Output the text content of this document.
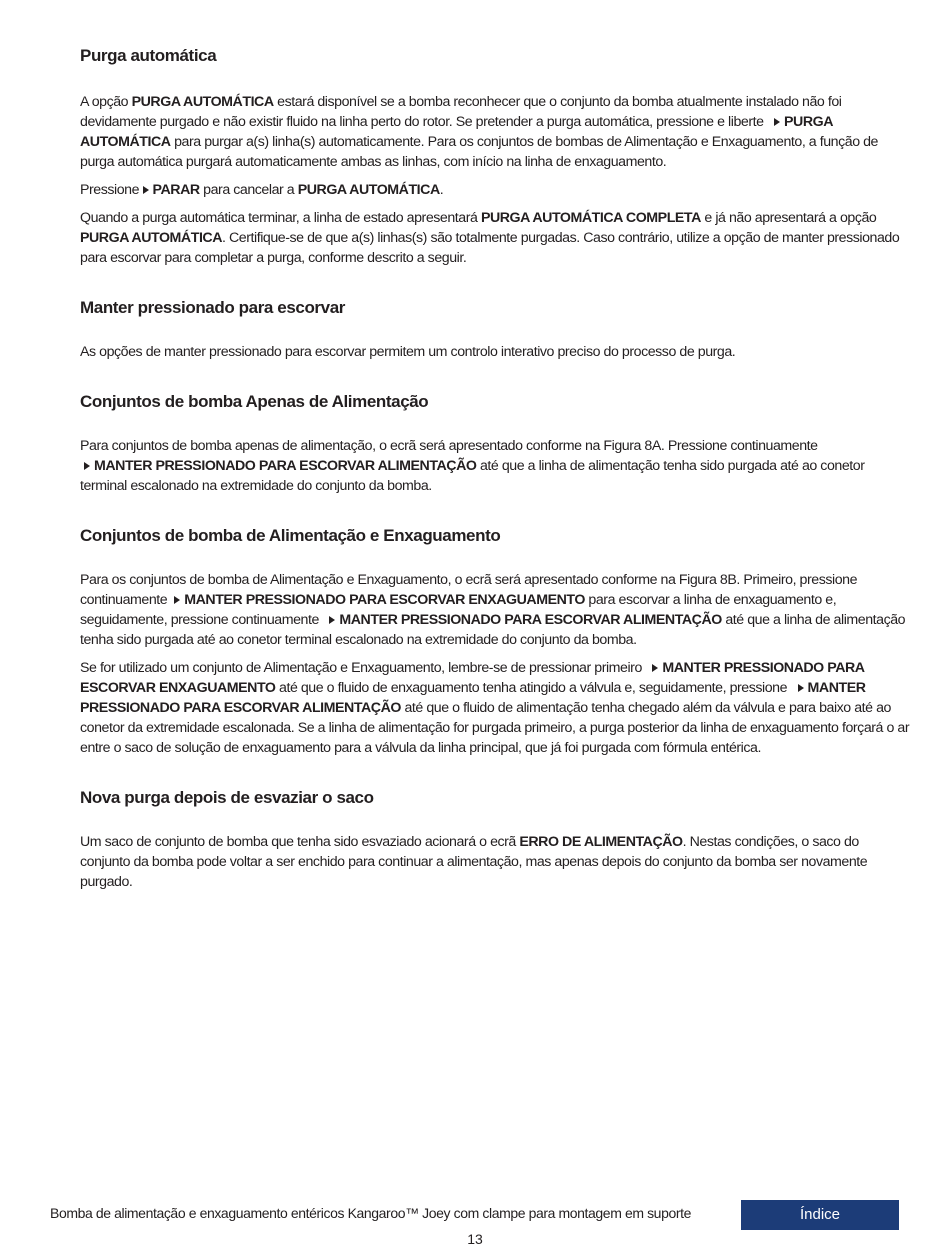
Purga automática

A opção PURGA AUTOMÁTICA estará disponível se a bomba reconhecer que o conjunto da bomba atualmente instalado não foi devidamente purgado e não existir fluido na linha perto do rotor. Se pretender a purga automática, pressione e liberte PURGA AUTOMÁTICA para purgar a(s) linha(s) automaticamente. Para os conjuntos de bombas de Alimentação e Enxaguamento, a função de purga automática purgará automaticamente ambas as linhas, com início na linha de enxaguamento.

Pressione PARAR para cancelar a PURGA AUTOMÁTICA.

Quando a purga automática terminar, a linha de estado apresentará PURGA AUTOMÁTICA COMPLETA e já não apresentará a opção PURGA AUTOMÁTICA. Certifique-se de que a(s) linhas(s) são totalmente purgadas. Caso contrário, utilize a opção de manter pressionado para escorvar para completar a purga, conforme descrito a seguir.

Manter pressionado para escorvar

As opções de manter pressionado para escorvar permitem um controlo interativo preciso do processo de purga.

Conjuntos de bomba Apenas de Alimentação

Para conjuntos de bomba apenas de alimentação, o ecrã será apresentado conforme na Figura 8A. Pressione continuamente
MANTER PRESSIONADO PARA ESCORVAR ALIMENTAÇÃO até que a linha de alimentação tenha sido purgada até ao conetor terminal escalonado na extremidade do conjunto da bomba.

Conjuntos de bomba de Alimentação e Enxaguamento

Para os conjuntos de bomba de Alimentação e Enxaguamento, o ecrã será apresentado conforme na Figura 8B. Primeiro, pressione continuamente MANTER PRESSIONADO PARA ESCORVAR ENXAGUAMENTO para escorvar a linha de enxaguamento e, seguidamente, pressione continuamente MANTER PRESSIONADO PARA ESCORVAR ALIMENTAÇÃO até que a linha de alimentação tenha sido purgada até ao conetor terminal escalonado na extremidade do conjunto da bomba.

Se for utilizado um conjunto de Alimentação e Enxaguamento, lembre-se de pressionar primeiro MANTER PRESSIONADO PARA ESCORVAR ENXAGUAMENTO até que o fluido de enxaguamento tenha atingido a válvula e, seguidamente, pressione MANTER PRESSIONADO PARA ESCORVAR ALIMENTAÇÃO até que o fluido de alimentação tenha chegado além da válvula e para baixo até ao conetor da extremidade escalonada. Se a linha de alimentação for purgada primeiro, a purga posterior da linha de enxaguamento forçará o ar entre o saco de solução de enxaguamento para a válvula da linha principal, que já foi purgada com fórmula entérica.

Nova purga depois de esvaziar o saco

Um saco de conjunto de bomba que tenha sido esvaziado acionará o ecrã ERRO DE ALIMENTAÇÃO. Nestas condições, o saco do conjunto da bomba pode voltar a ser enchido para continuar a alimentação, mas apenas depois do conjunto da bomba ser novamente purgado.

Bomba de alimentação e enxaguamento entéricos Kangaroo™ Joey com clampe para montagem em suporte	Índice
13
